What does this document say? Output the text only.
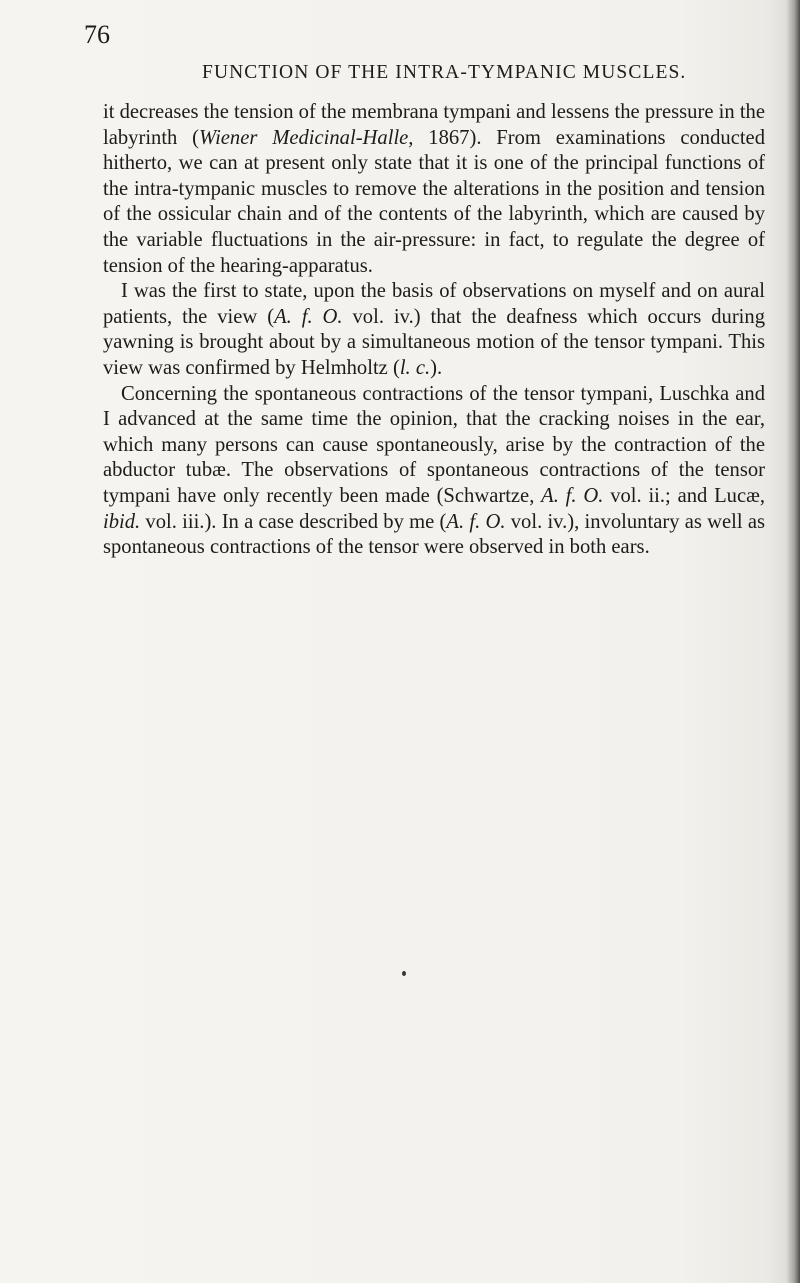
76
FUNCTION OF THE INTRA-TYMPANIC MUSCLES.

it decreases the tension of the membrana tympani and lessens the pressure in the labyrinth (Wiener Medicinal-Halle, 1867). From examinations conducted hitherto, we can at present only state that it is one of the principal functions of the intra-tympanic muscles to remove the alterations in the position and tension of the ossicular chain and of the contents of the labyrinth, which are caused by the variable fluctuations in the air-pressure: in fact, to regulate the degree of tension of the hearing-apparatus.

I was the first to state, upon the basis of observations on myself and on aural patients, the view (A. f. O. vol. iv.) that the deafness which occurs during yawning is brought about by a simultaneous motion of the tensor tympani. This view was confirmed by Helmholtz (l. c.).

Concerning the spontaneous contractions of the tensor tympani, Luschka and I advanced at the same time the opinion, that the cracking noises in the ear, which many persons can cause spontaneously, arise by the contraction of the abductor tubæ. The observations of spontaneous contractions of the tensor tympani have only recently been made (Schwartze, A. f. O. vol. ii.; and Lucæ, ibid. vol. iii.). In a case described by me (A. f. O. vol. iv.), involuntary as well as spontaneous contractions of the tensor were observed in both ears.
